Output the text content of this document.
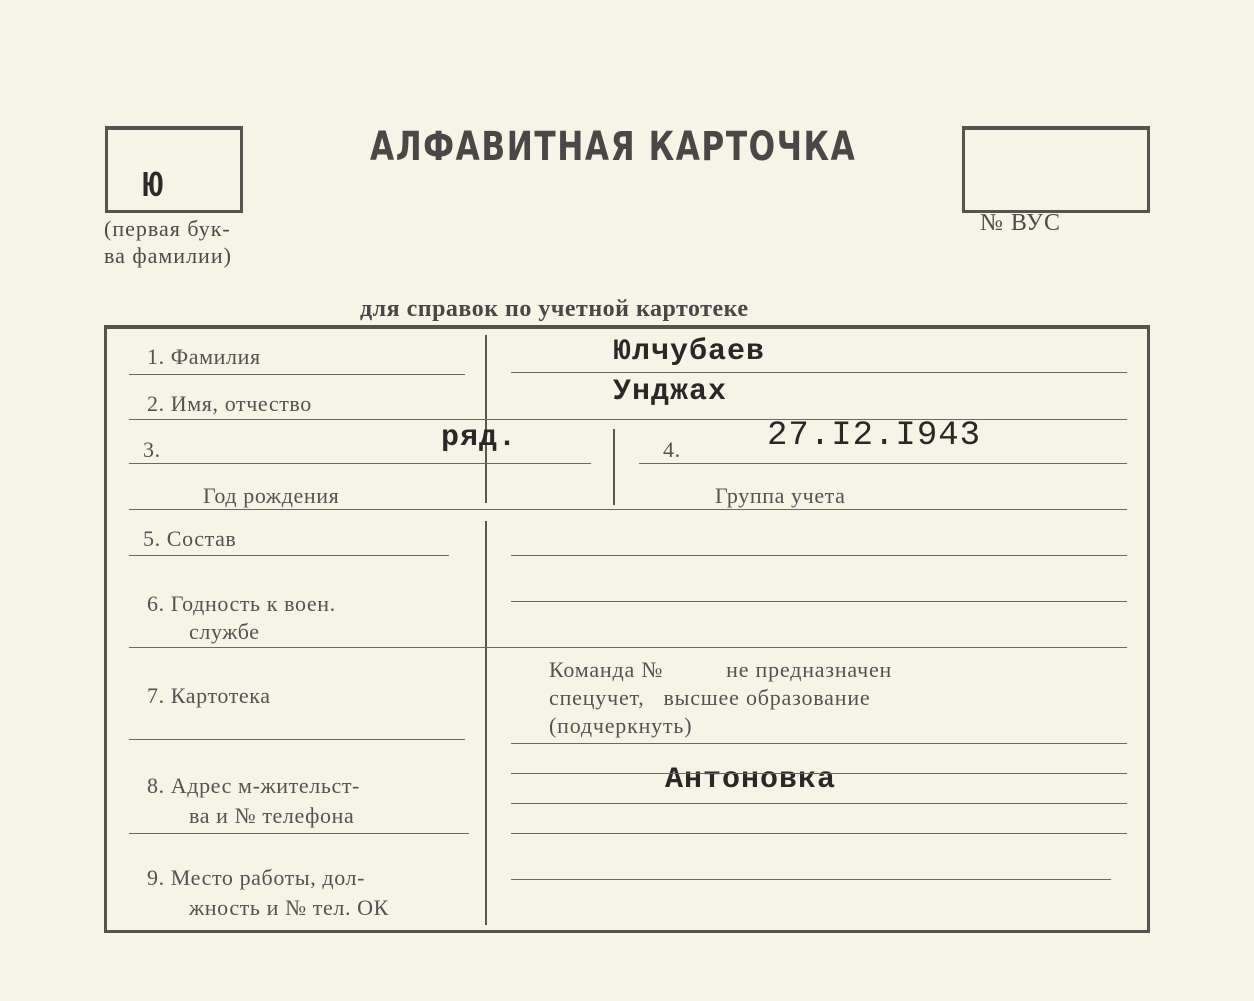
АЛФАВИТНАЯ КАРТОЧКА
Ю
(первая бук-
ва фамилии)
№ ВУС
для справок по учетной картотеке
1. Фамилия	Юлчубаев
2. Имя, отчество	Унджах
3.	ряд.	4.	27.I2.I943
Год рождения	Группа учета
5. Состав
6. Годность к воен.
службе
7. Картотека
Команда №          не предназначен
спецучет,   высшее образование
(подчеркнуть)
8. Адрес м-жительст-
ва и № телефона
Антоновка
9. Место работы, дол-
жность и № тел. ОК
